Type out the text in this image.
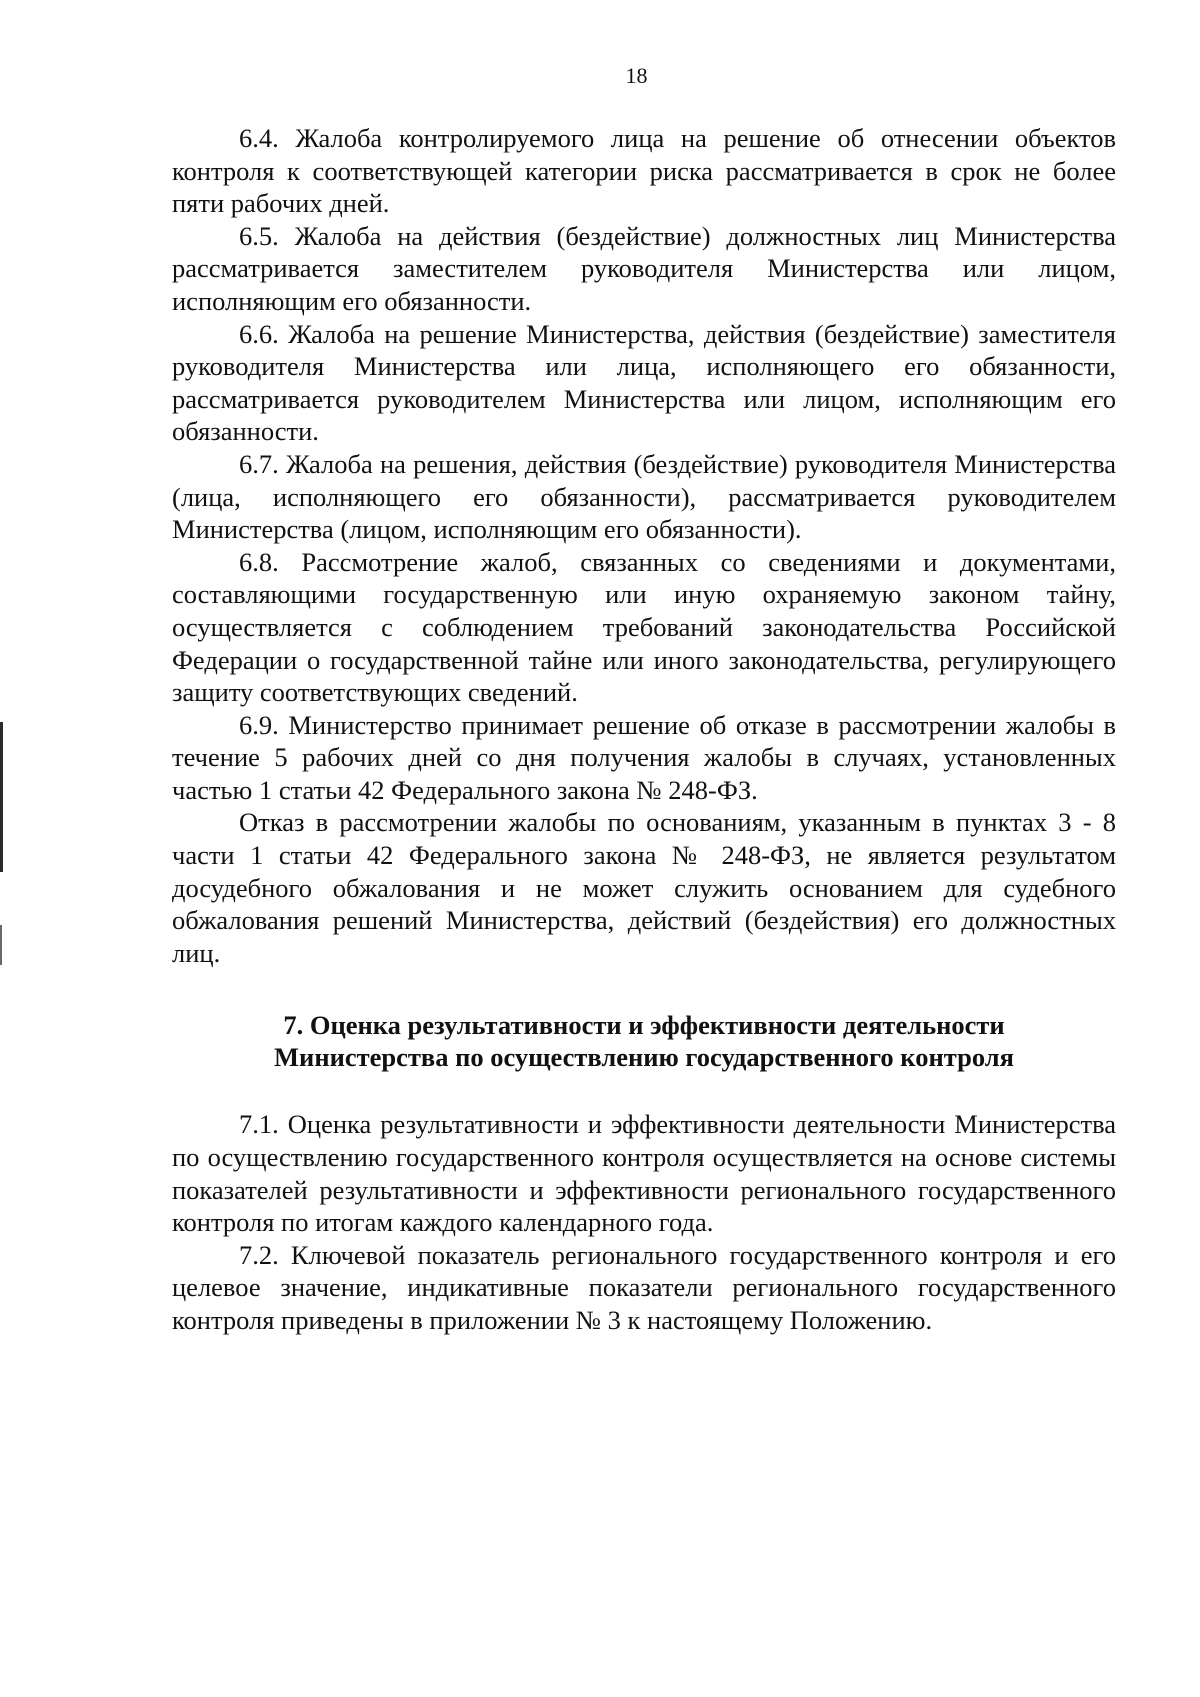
18

6.4. Жалоба контролируемого лица на решение об отнесении объектов контроля к соответствующей категории риска рассматривается в срок не более пяти рабочих дней.

6.5. Жалоба на действия (бездействие) должностных лиц Министерства рассматривается заместителем руководителя Министерства или лицом, исполняющим его обязанности.

6.6. Жалоба на решение Министерства, действия (бездействие) заместителя руководителя Министерства или лица, исполняющего его обязанности, рассматривается руководителем Министерства или лицом, исполняющим его обязанности.

6.7. Жалоба на решения, действия (бездействие) руководителя Министерства (лица, исполняющего его обязанности), рассматривается руководителем Министерства (лицом, исполняющим его обязанности).

6.8. Рассмотрение жалоб, связанных со сведениями и документами, составляющими государственную или иную охраняемую законом тайну, осуществляется с соблюдением требований законодательства Российской Федерации о государственной тайне или иного законодательства, регулирующего защиту соответствующих сведений.

6.9. Министерство принимает решение об отказе в рассмотрении жалобы в течение 5 рабочих дней со дня получения жалобы в случаях, установленных частью 1 статьи 42 Федерального закона № 248-ФЗ.

Отказ в рассмотрении жалобы по основаниям, указанным в пунктах 3 - 8 части 1 статьи 42 Федерального закона № 248-ФЗ, не является результатом досудебного обжалования и не может служить основанием для судебного обжалования решений Министерства, действий (бездействия) его должностных лиц.

7. Оценка результативности и эффективности деятельности
Министерства по осуществлению государственного контроля

7.1. Оценка результативности и эффективности деятельности Министерства по осуществлению государственного контроля осуществляется на основе системы показателей результативности и эффективности регионального государственного контроля по итогам каждого календарного года.

7.2. Ключевой показатель регионального государственного контроля и его целевое значение, индикативные показатели регионального государственного контроля приведены в приложении № 3 к настоящему Положению.
